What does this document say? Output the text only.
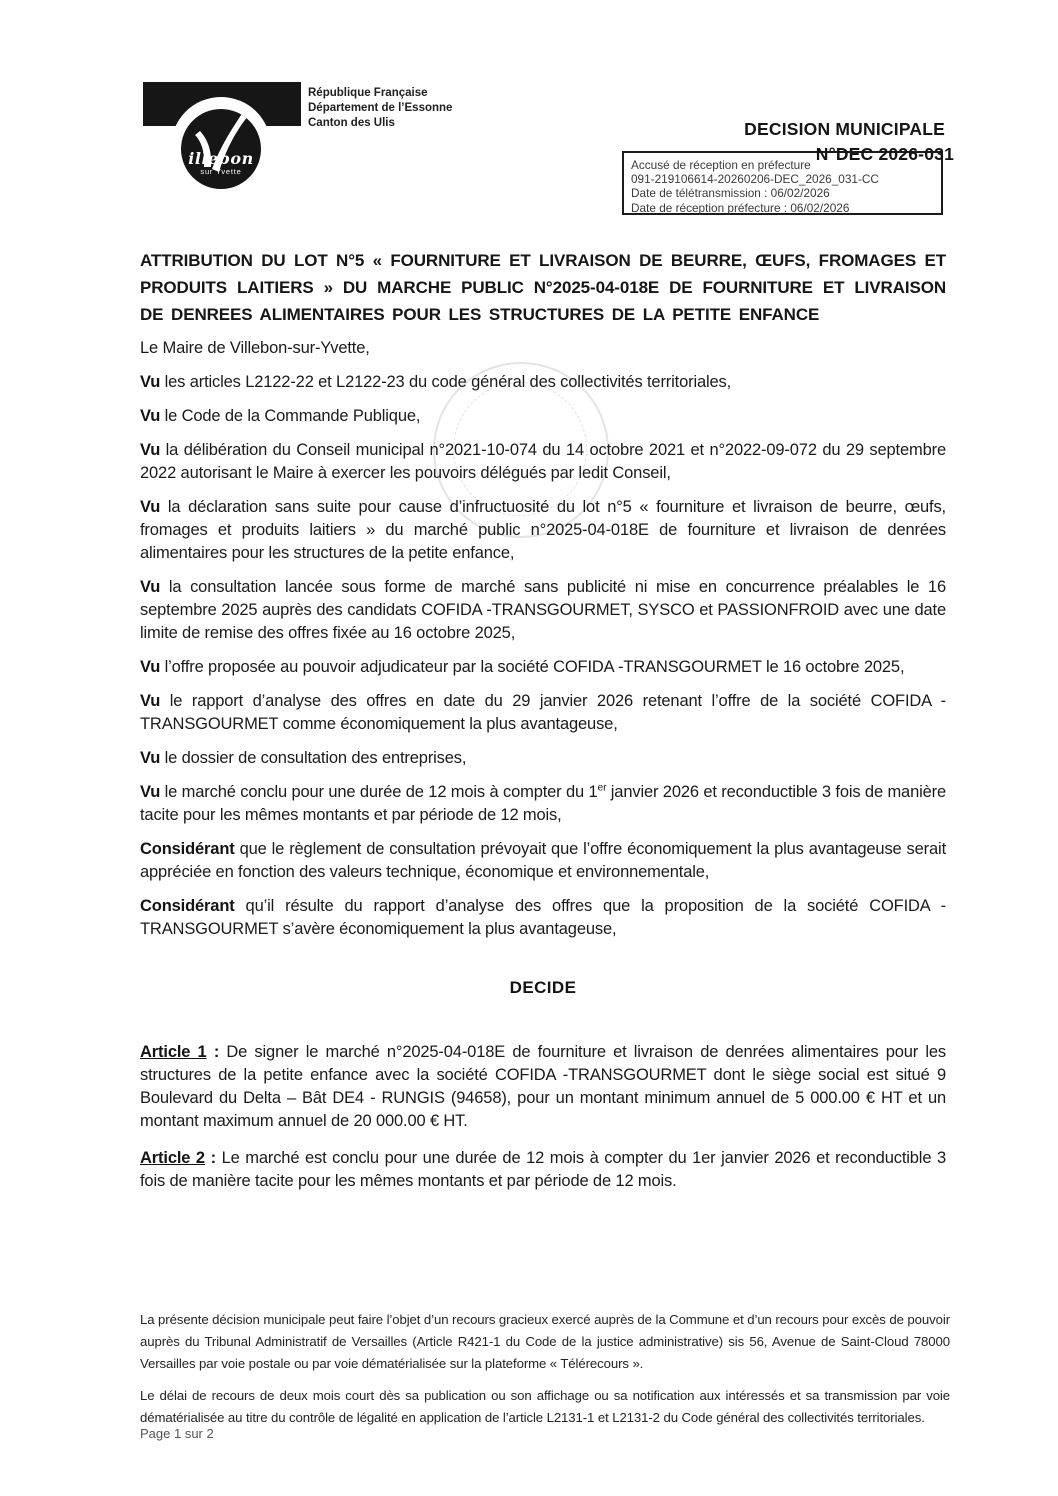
illebon
sur Yvette
République Française
Département de l’Essonne
Canton des Ulis	DECISION MUNICIPALE
N°DEC 2026-031
Accusé de réception en préfecture
091-219106614-20260206-DEC_2026_031-CC
Date de télétransmission : 06/02/2026
Date de réception préfecture : 06/02/2026
ATTRIBUTION DU LOT N°5 « FOURNITURE ET LIVRAISON DE BEURRE, ŒUFS, FROMAGES ET PRODUITS LAITIERS » DU MARCHE PUBLIC N°2025-04-018E DE FOURNITURE ET LIVRAISON DE DENREES ALIMENTAIRES POUR LES STRUCTURES DE LA PETITE ENFANCE

Le Maire de Villebon-sur-Yvette,

Vu les articles L2122-22 et L2122-23 du code général des collectivités territoriales,

Vu le Code de la Commande Publique,

Vu la délibération du Conseil municipal n°2021-10-074 du 14 octobre 2021 et n°2022-09-072 du 29 septembre 2022 autorisant le Maire à exercer les pouvoirs délégués par ledit Conseil,

Vu la déclaration sans suite pour cause d’infructuosité du lot n°5 « fourniture et livraison de beurre, œufs, fromages et produits laitiers » du marché public n°2025-04-018E de fourniture et livraison de denrées alimentaires pour les structures de la petite enfance,

Vu la consultation lancée sous forme de marché sans publicité ni mise en concurrence préalables le 16 septembre 2025 auprès des candidats COFIDA -TRANSGOURMET, SYSCO et PASSIONFROID avec une date limite de remise des offres fixée au 16 octobre 2025,

Vu l’offre proposée au pouvoir adjudicateur par la société COFIDA -TRANSGOURMET le 16 octobre 2025,

Vu le rapport d’analyse des offres en date du 29 janvier 2026 retenant l’offre de la société COFIDA - TRANSGOURMET comme économiquement la plus avantageuse,

Vu le dossier de consultation des entreprises,

Vu le marché conclu pour une durée de 12 mois à compter du 1er janvier 2026 et reconductible 3 fois de manière tacite pour les mêmes montants et par période de 12 mois,

Considérant que le règlement de consultation prévoyait que l’offre économiquement la plus avantageuse serait appréciée en fonction des valeurs technique, économique et environnementale,

Considérant qu’il résulte du rapport d’analyse des offres que la proposition de la société COFIDA - TRANSGOURMET s’avère économiquement la plus avantageuse,

DECIDE

Article 1 : De signer le marché n°2025-04-018E de fourniture et livraison de denrées alimentaires pour les structures de la petite enfance avec la société COFIDA -TRANSGOURMET dont le siège social est situé 9 Boulevard du Delta – Bât DE4 - RUNGIS (94658), pour un montant minimum annuel de 5 000.00 € HT et un montant maximum annuel de 20 000.00 € HT.

Article 2 : Le marché est conclu pour une durée de 12 mois à compter du 1er janvier 2026 et reconductible 3 fois de manière tacite pour les mêmes montants et par période de 12 mois.

La présente décision municipale peut faire l’objet d’un recours gracieux exercé auprès de la Commune et d’un recours pour excès de pouvoir auprès du Tribunal Administratif de Versailles (Article R421-1 du Code de la justice administrative) sis 56, Avenue de Saint-Cloud 78000 Versailles par voie postale ou par voie dématérialisée sur la plateforme « Télérecours ».

Le délai de recours de deux mois court dès sa publication ou son affichage ou sa notification aux intéressés et sa transmission par voie dématérialisée au titre du contrôle de légalité en application de l’article L2131-1 et L2131-2 du Code général des collectivités territoriales.

Page 1 sur 2
